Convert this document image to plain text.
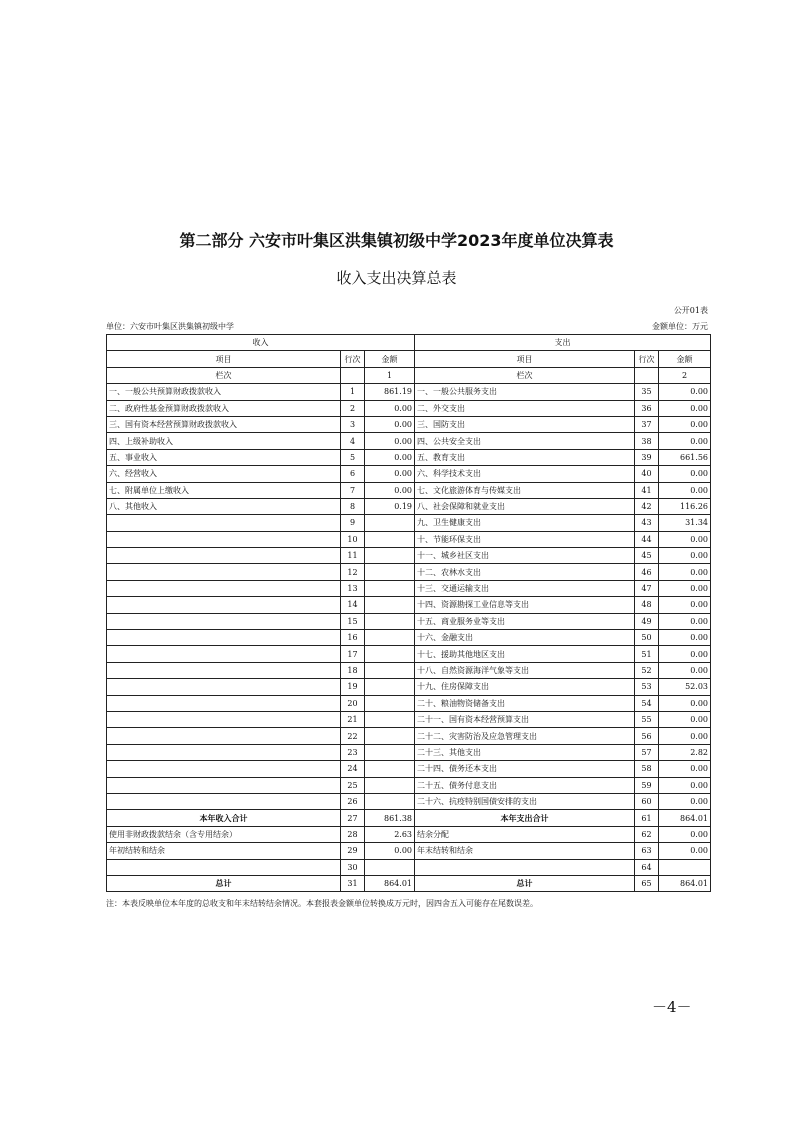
第二部分 六安市叶集区洪集镇初级中学2023年度单位决算表
收入支出决算总表
公开01表
单位：六安市叶集区洪集镇初级中学	金额单位：万元
收入			支出		
项目	行次	金额	项目	行次	金额
栏次		1	栏次		2
一、一般公共预算财政拨款收入	1	861.19	一、一般公共服务支出	35	0.00
二、政府性基金预算财政拨款收入	2	0.00	二、外交支出	36	0.00
三、国有资本经营预算财政拨款收入	3	0.00	三、国防支出	37	0.00
四、上级补助收入	4	0.00	四、公共安全支出	38	0.00
五、事业收入	5	0.00	五、教育支出	39	661.56
六、经营收入	6	0.00	六、科学技术支出	40	0.00
七、附属单位上缴收入	7	0.00	七、文化旅游体育与传媒支出	41	0.00
八、其他收入	8	0.19	八、社会保障和就业支出	42	116.26
	9		九、卫生健康支出	43	31.34
	10		十、节能环保支出	44	0.00
	11		十一、城乡社区支出	45	0.00
	12		十二、农林水支出	46	0.00
	13		十三、交通运输支出	47	0.00
	14		十四、资源勘探工业信息等支出	48	0.00
	15		十五、商业服务业等支出	49	0.00
	16		十六、金融支出	50	0.00
	17		十七、援助其他地区支出	51	0.00
	18		十八、自然资源海洋气象等支出	52	0.00
	19		十九、住房保障支出	53	52.03
	20		二十、粮油物资储备支出	54	0.00
	21		二十一、国有资本经营预算支出	55	0.00
	22		二十二、灾害防治及应急管理支出	56	0.00
	23		二十三、其他支出	57	2.82
	24		二十四、债务还本支出	58	0.00
	25		二十五、债务付息支出	59	0.00
	26		二十六、抗疫特别国债安排的支出	60	0.00
本年收入合计	27	861.38	本年支出合计	61	864.01
使用非财政拨款结余（含专用结余）	28	2.63	结余分配	62	0.00
年初结转和结余	29	0.00	年末结转和结余	63	0.00
	30			64	
总计	31	864.01	总计	65	864.01
注：本表反映单位本年度的总收支和年末结转结余情况。本套报表金额单位转换成万元时，因四舍五入可能存在尾数误差。
－4－
